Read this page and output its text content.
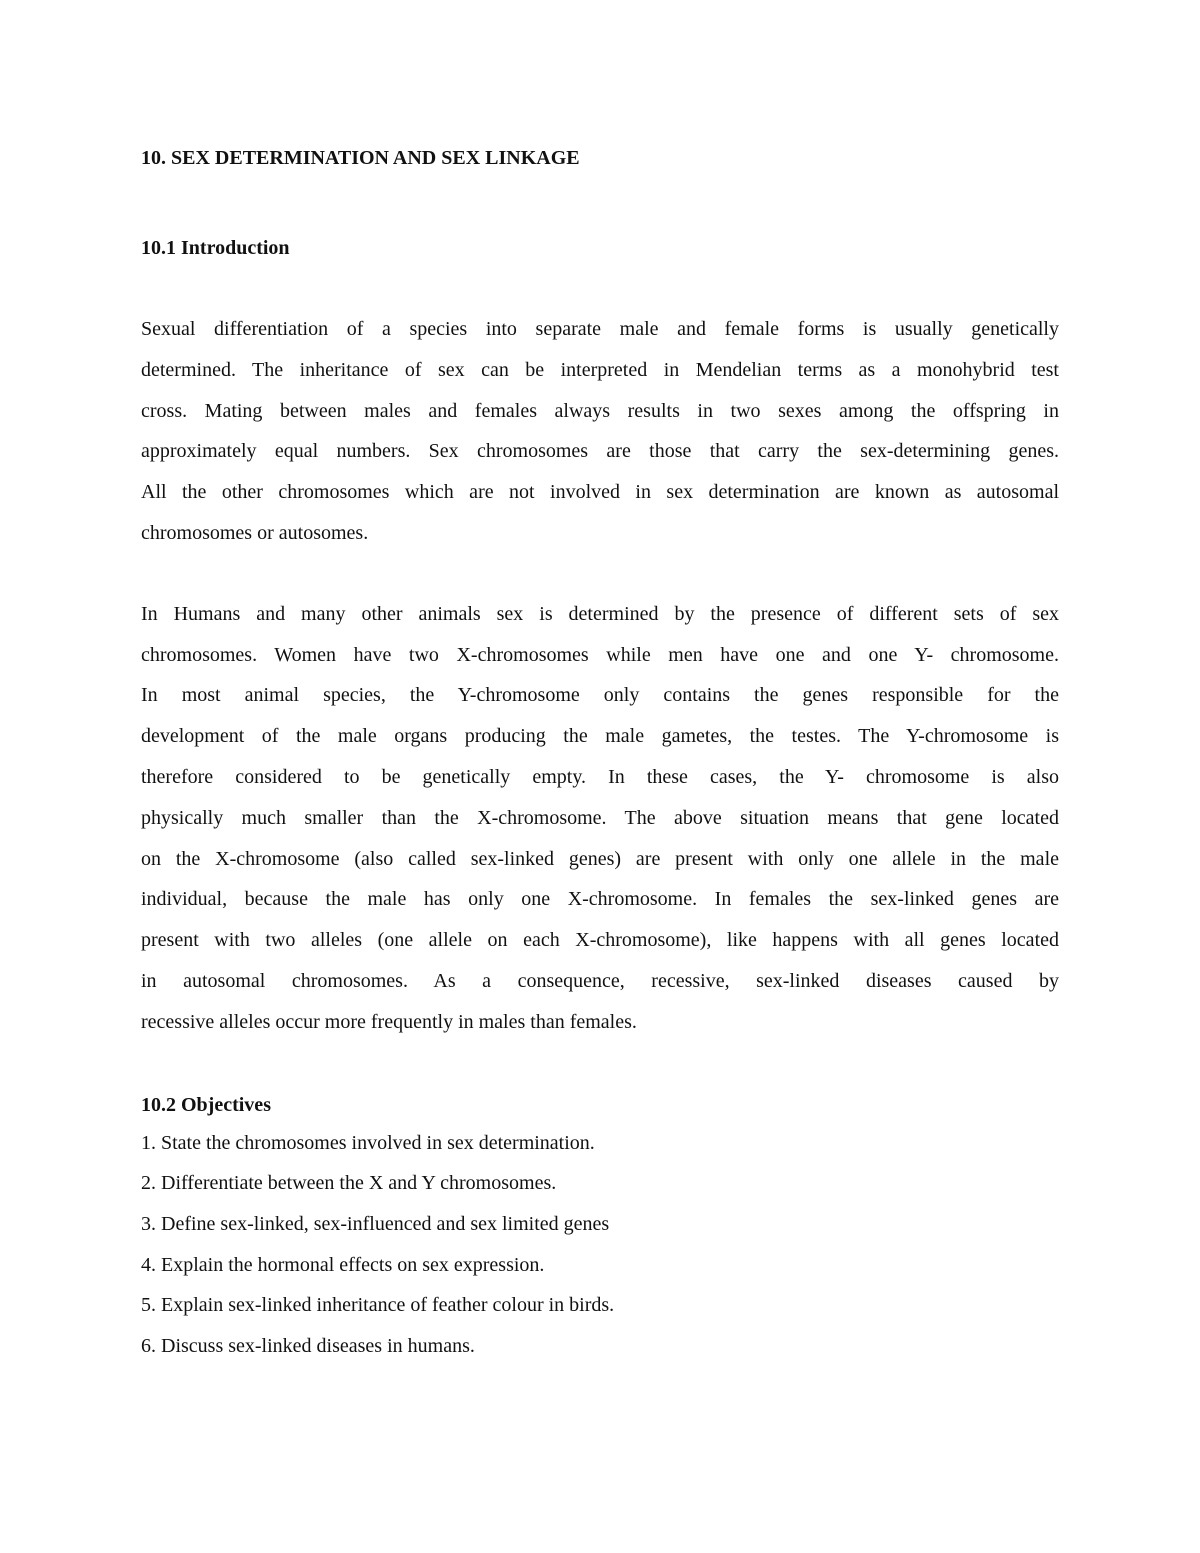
10. SEX DETERMINATION AND SEX LINKAGE
10.1 Introduction

Sexual differentiation of a species into separate male and female forms is usually genetically
determined. The inheritance of sex can be interpreted in Mendelian terms as a monohybrid test
cross. Mating between males and females always results in two sexes among the offspring in
approximately equal numbers. Sex chromosomes are those that carry the sex-determining genes.
All the other chromosomes which are not involved in sex determination are known as autosomal
chromosomes or autosomes.

In Humans and many other animals sex is determined by the presence of different sets of sex
chromosomes. Women have two X-chromosomes while men have one and one Y- chromosome.
In most animal species, the Y-chromosome only contains the genes responsible for the
development of the male organs producing the male gametes, the testes. The Y-chromosome is
therefore considered to be genetically empty. In these cases, the Y- chromosome is also
physically much smaller than the X-chromosome. The above situation means that gene located
on the X-chromosome (also called sex-linked genes) are present with only one allele in the male
individual, because the male has only one X-chromosome. In females the sex-linked genes are
present with two alleles (one allele on each X-chromosome), like happens with all genes located
in autosomal chromosomes. As a consequence, recessive, sex-linked diseases caused by
recessive alleles occur more frequently in males than females.

10.2 Objectives
1. State the chromosomes involved in sex determination.
2. Differentiate between the X and Y chromosomes.
3. Define sex-linked, sex-influenced and sex limited genes
4. Explain the hormonal effects on sex expression.
5. Explain sex-linked inheritance of feather colour in birds.
6. Discuss sex-linked diseases in humans.
